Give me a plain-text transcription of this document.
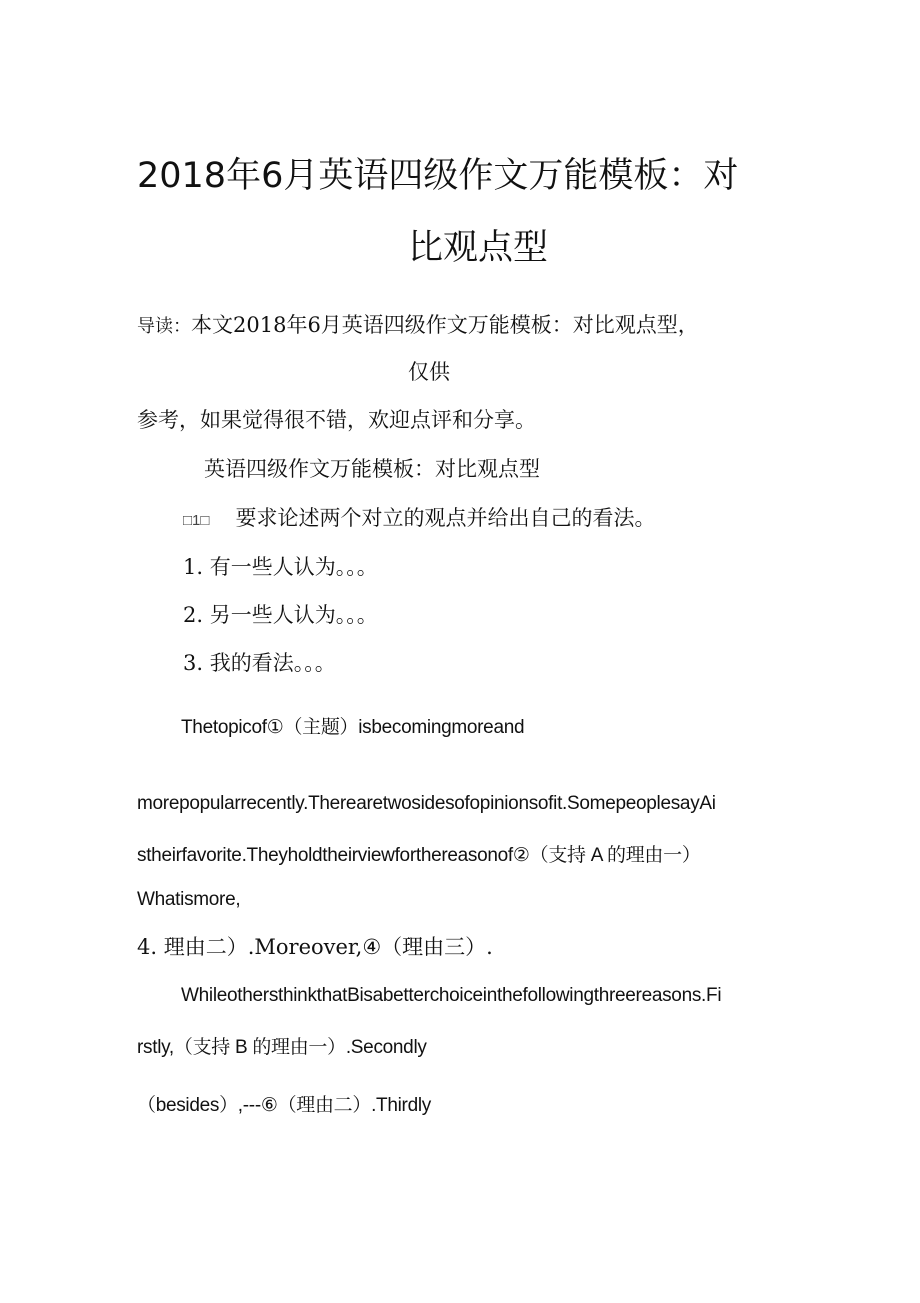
2018年6月英语四级作文万能模板：对
比观点型

导读：本文2018年6月英语四级作文万能模板：对比观点型，

仅供

参考，如果觉得很不错，欢迎点评和分享。

英语四级作文万能模板：对比观点型

□1□ 要求论述两个对立的观点并给出自己的看法。

1. 有一些人认为。。。

2. 另一些人认为。。。

3. 我的看法。。。

Thetopicof①（主题）isbecomingmoreand

morepopularrecently.Therearetwosidesofopinionsofit.SomepeoplesayAi

stheirfavorite.Theyholdtheirviewforthereasonof②（支持 A 的理由一）

Whatismore,

4. 理由二）.Moreover,④（理由三）.

WhileothersthinkthatBisabetterchoiceinthefollowingthreereasons.Fi

rstly,（支持 B 的理由一）.Secondly

（besides）,---⑥（理由二）.Thirdly
